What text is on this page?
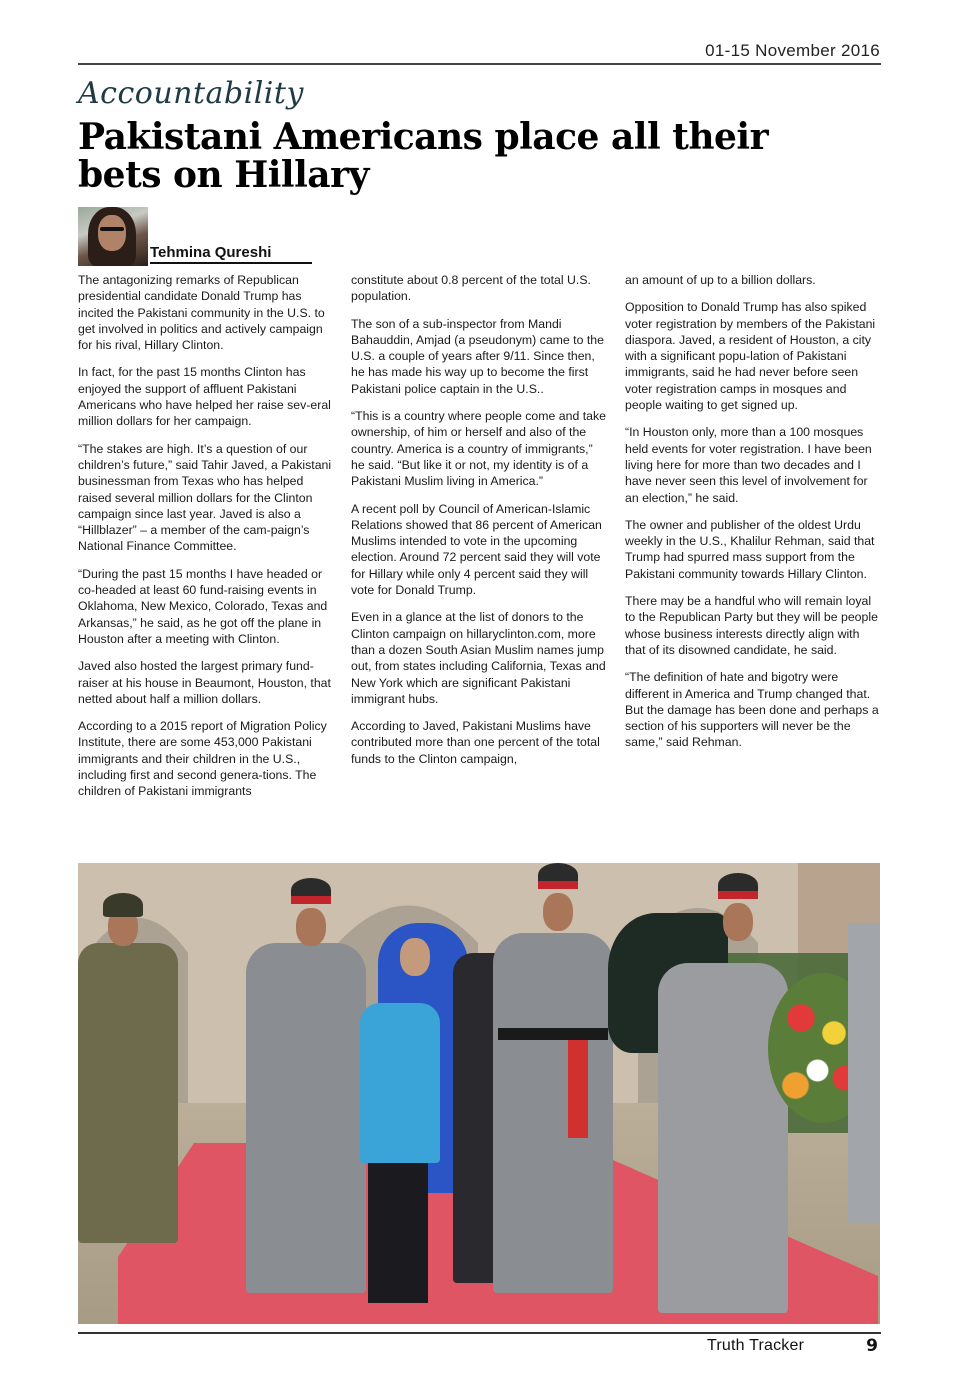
01-15 November 2016
Accountability
Pakistani Americans place all their bets on Hillary
Tehmina Qureshi

The antagonizing remarks of Republican presidential candidate Donald Trump has incited the Pakistani community in the U.S. to get involved in politics and actively campaign for his rival, Hillary Clinton.

In fact, for the past 15 months Clinton has enjoyed the support of affluent Pakistani Americans who have helped her raise sev-eral million dollars for her campaign.

“The stakes are high. It’s a question of our children’s future,” said Tahir Javed, a Pakistani businessman from Texas who has helped raised several million dollars for the Clinton campaign since last year. Javed is also a “Hillblazer” – a member of the cam-paign’s National Finance Committee.

“During the past 15 months I have headed or co-headed at least 60 fund-raising events in Oklahoma, New Mexico, Colorado, Texas and Arkansas,” he said, as he got off the plane in Houston after a meeting with Clinton.

Javed also hosted the largest primary fund-raiser at his house in Beaumont, Houston, that netted about half a million dollars.

According to a 2015 report of Migration Policy Institute, there are some 453,000 Pakistani immigrants and their children in the U.S., including first and second genera-tions. The children of Pakistani immigrants

constitute about 0.8 percent of the total U.S. population.

The son of a sub-inspector from Mandi Bahauddin, Amjad (a pseudonym) came to the U.S. a couple of years after 9/11. Since then, he has made his way up to become the first Pakistani police captain in the U.S..

“This is a country where people come and take ownership, of him or herself and also of the country. America is a country of immigrants,” he said. “But like it or not, my identity is of a Pakistani Muslim living in America.”

A recent poll by Council of American-Islamic Relations showed that 86 percent of American Muslims intended to vote in the upcoming election. Around 72 percent said they will vote for Hillary while only 4 percent said they will vote for Donald Trump.

Even in a glance at the list of donors to the Clinton campaign on hillaryclinton.com, more than a dozen South Asian Muslim names jump out, from states including California, Texas and New York which are significant Pakistani immigrant hubs.

According to Javed, Pakistani Muslims have contributed more than one percent of the total funds to the Clinton campaign,

an amount of up to a billion dollars.

Opposition to Donald Trump has also spiked voter registration by members of the Pakistani diaspora. Javed, a resident of Houston, a city with a significant popu-lation of Pakistani immigrants, said he had never before seen voter registration camps in mosques and people waiting to get signed up.

“In Houston only, more than a 100 mosques held events for voter registration. I have been living here for more than two decades and I have never seen this level of involvement for an election,” he said.

The owner and publisher of the oldest Urdu weekly in the U.S., Khalilur Rehman, said that Trump had spurred mass support from the Pakistani community towards Hillary Clinton.

There may be a handful who will remain loyal to the Republican Party but they will be people whose business interests directly align with that of its disowned candidate, he said.

“The definition of hate and bigotry were different in America and Trump changed that. But the damage has been done and perhaps a section of his supporters will never be the same,” said Rehman.

Truth Tracker	9
